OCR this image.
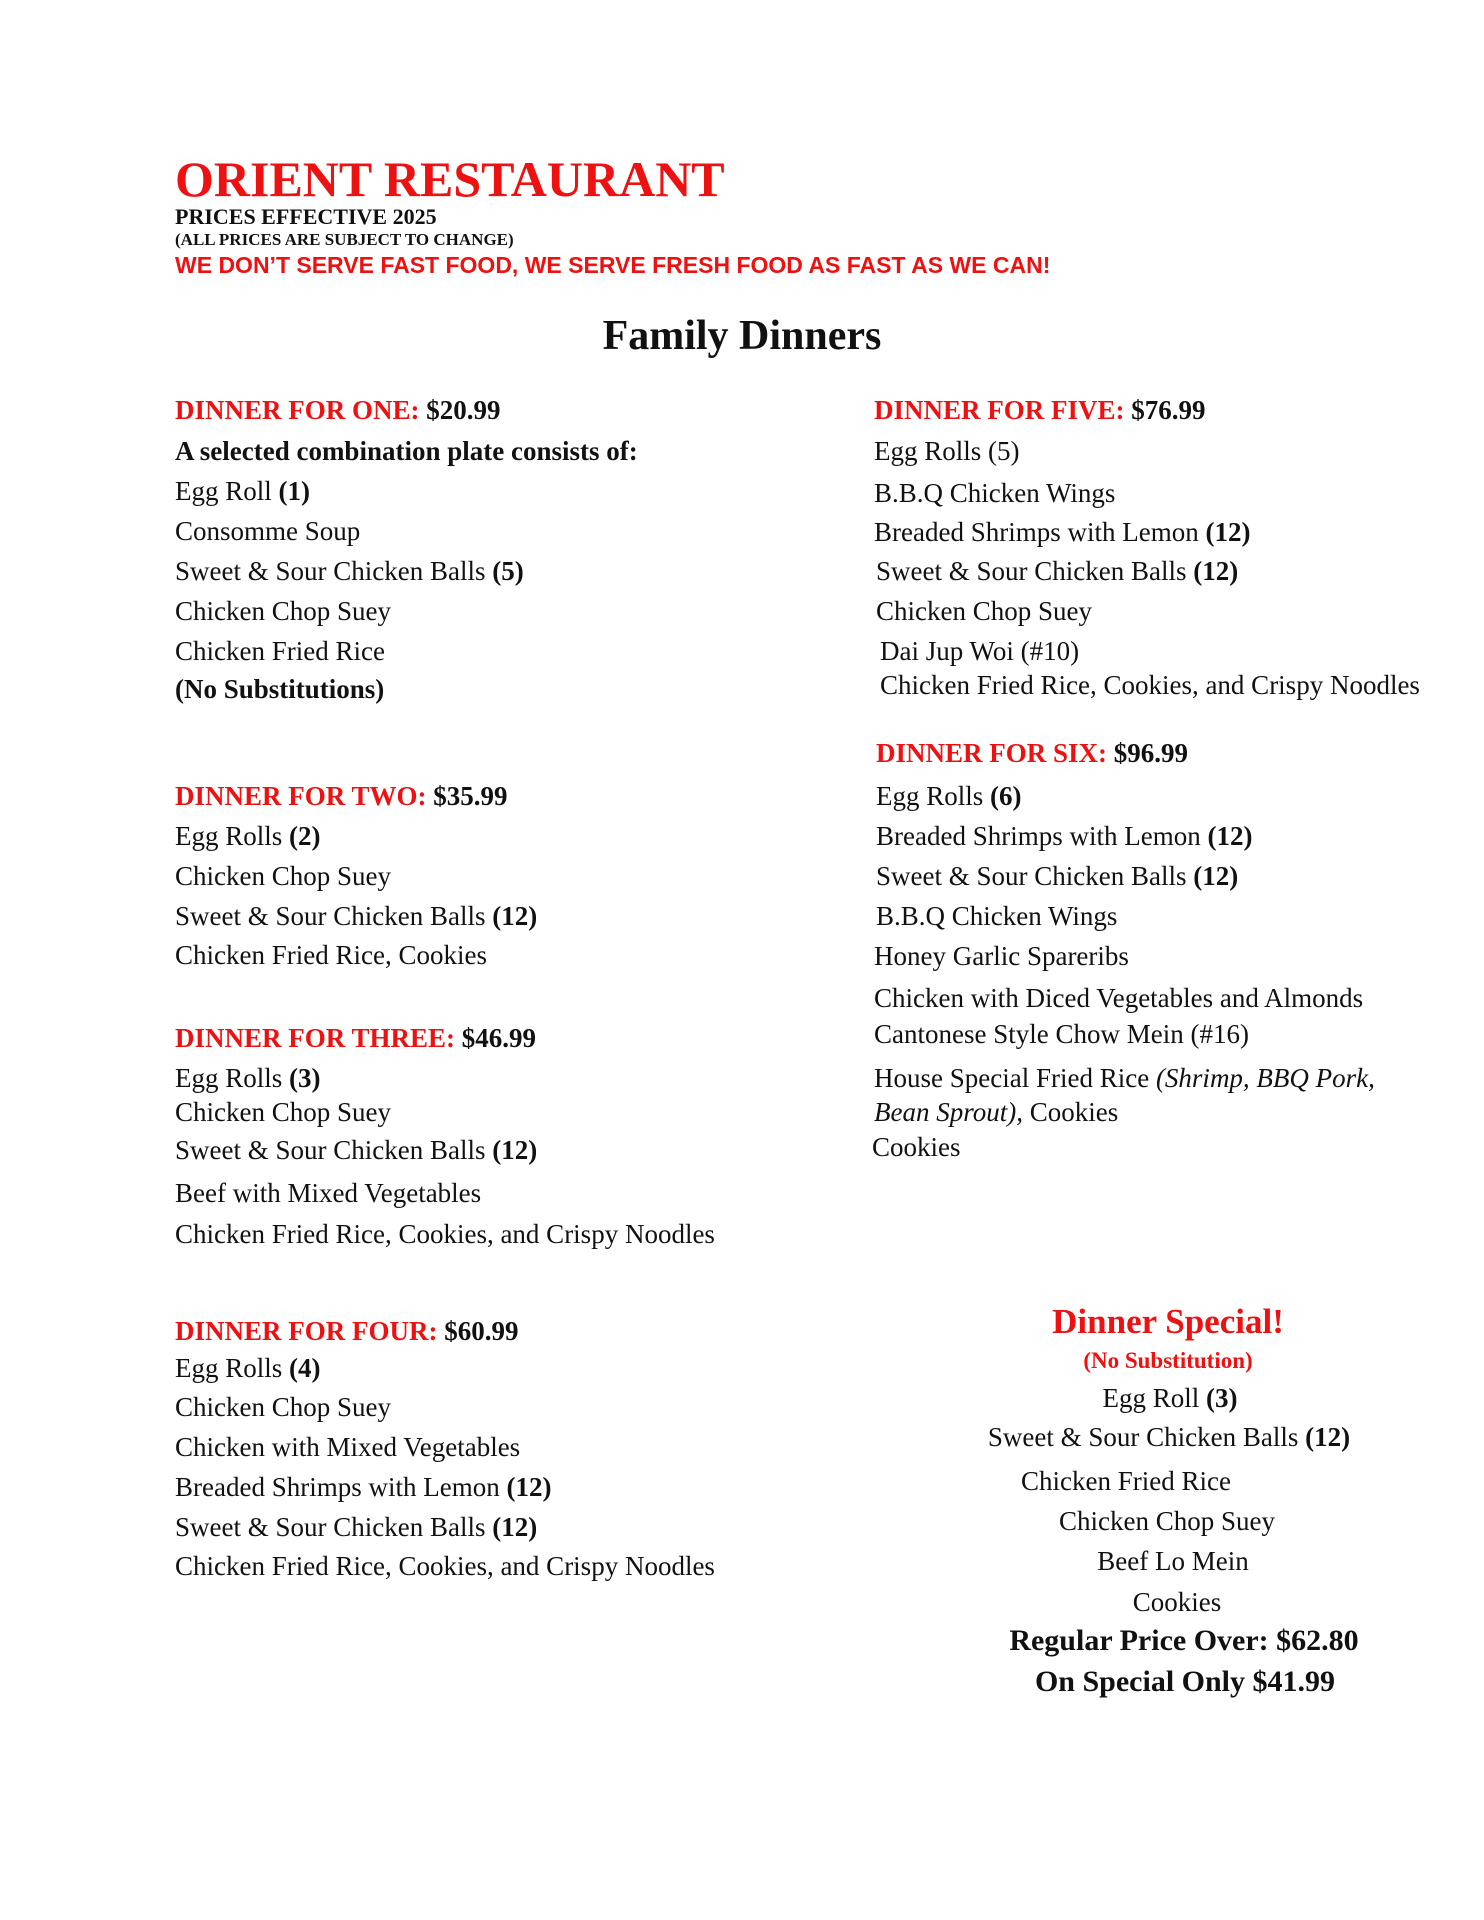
ORIENT RESTAURANT
PRICES EFFECTIVE 2025
(ALL PRICES ARE SUBJECT TO CHANGE)
WE DON’T SERVE FAST FOOD, WE SERVE FRESH FOOD AS FAST AS WE CAN!
Family Dinners
DINNER FOR ONE: $20.99
A selected combination plate consists of:
Egg Roll (1)
Consomme Soup
Sweet & Sour Chicken Balls (5)
Chicken Chop Suey
Chicken Fried Rice
(No Substitutions)
DINNER FOR TWO: $35.99
Egg Rolls (2)
Chicken Chop Suey
Sweet & Sour Chicken Balls (12)
Chicken Fried Rice, Cookies
DINNER FOR THREE: $46.99
Egg Rolls (3)
Chicken Chop Suey
Sweet & Sour Chicken Balls (12)
Beef with Mixed Vegetables
Chicken Fried Rice, Cookies, and Crispy Noodles
DINNER FOR FOUR: $60.99
Egg Rolls (4)
Chicken Chop Suey
Chicken with Mixed Vegetables
Breaded Shrimps with Lemon (12)
Sweet & Sour Chicken Balls (12)
Chicken Fried Rice, Cookies, and Crispy Noodles
DINNER FOR FIVE: $76.99
Egg Rolls (5)
B.B.Q Chicken Wings
Breaded Shrimps with Lemon (12)
Sweet & Sour Chicken Balls (12)
Chicken Chop Suey
Dai Jup Woi (#10)
Chicken Fried Rice, Cookies, and Crispy Noodles
DINNER FOR SIX: $96.99
Egg Rolls (6)
Breaded Shrimps with Lemon (12)
Sweet & Sour Chicken Balls (12)
B.B.Q Chicken Wings
Honey Garlic Spareribs
Chicken with Diced Vegetables and Almonds
Cantonese Style Chow Mein (#16)
House Special Fried Rice (Shrimp, BBQ Pork,
Bean Sprout), Cookies
Cookies
Dinner Special!
(No Substitution)
Egg Roll (3)
Sweet & Sour Chicken Balls (12)
Chicken Fried Rice
Chicken Chop Suey
Beef Lo Mein
Cookies
Regular Price Over: $62.80
On Special Only $41.99
